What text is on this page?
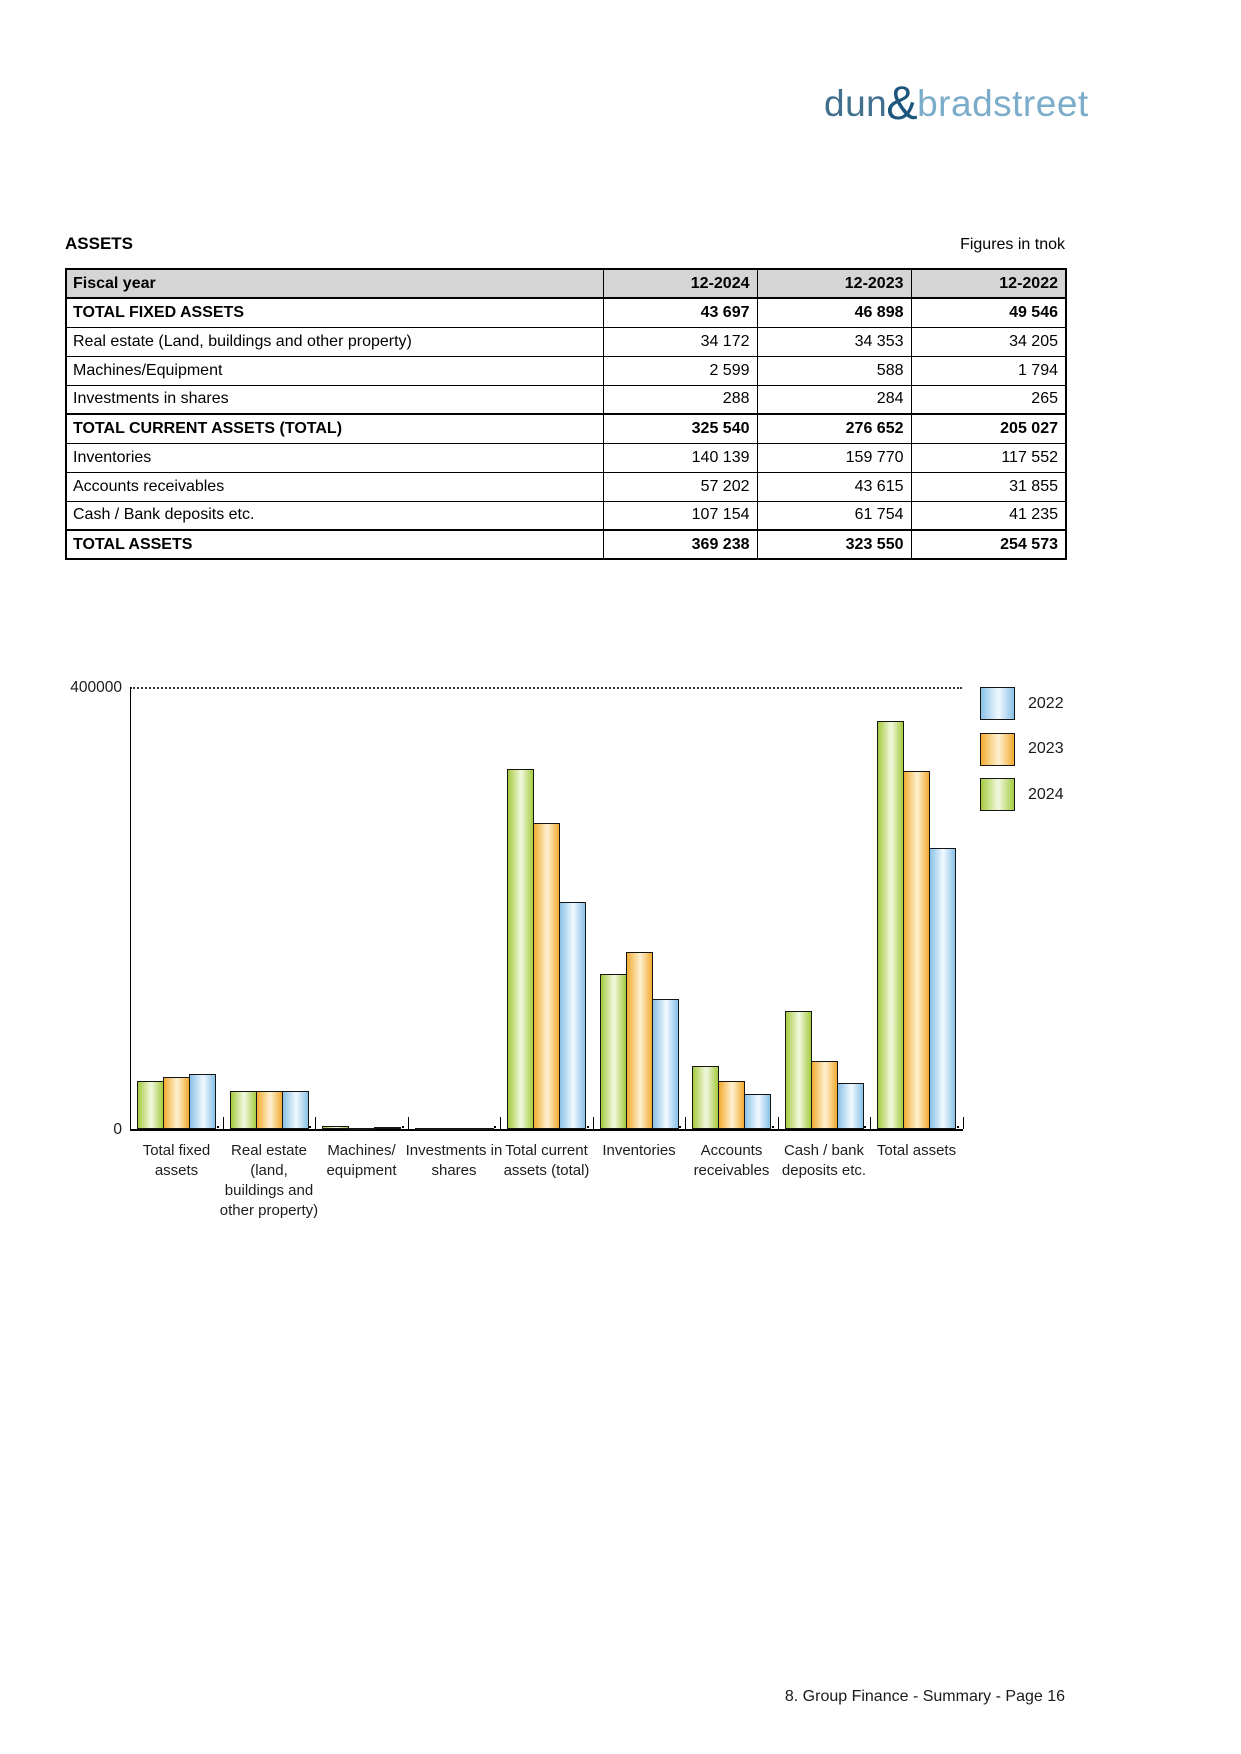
dun&bradstreet
ASSETS	Figures in tnok
Fiscal year	12-2024	12-2023	12-2022
TOTAL FIXED ASSETS	43 697	46 898	49 546
Real estate (Land, buildings and other property)	34 172	34 353	34 205
Machines/Equipment	2 599	588	1 794
Investments in shares	288	284	265
TOTAL CURRENT ASSETS (TOTAL)	325 540	276 652	205 027
Inventories	140 139	159 770	117 552
Accounts receivables	57 202	43 615	31 855
Cash / Bank deposits etc.	107 154	61 754	41 235
TOTAL ASSETS	369 238	323 550	254 573
400000
0
Total fixed
assets
Real estate
(land,
buildings and
other property)
Machines/
equipment
Investments in
shares
Total current
assets (total)
Inventories	Accounts
receivables
Cash / bank
deposits etc.
Total assets
2022
2023
2024
8. Group Finance - Summary - Page 16
